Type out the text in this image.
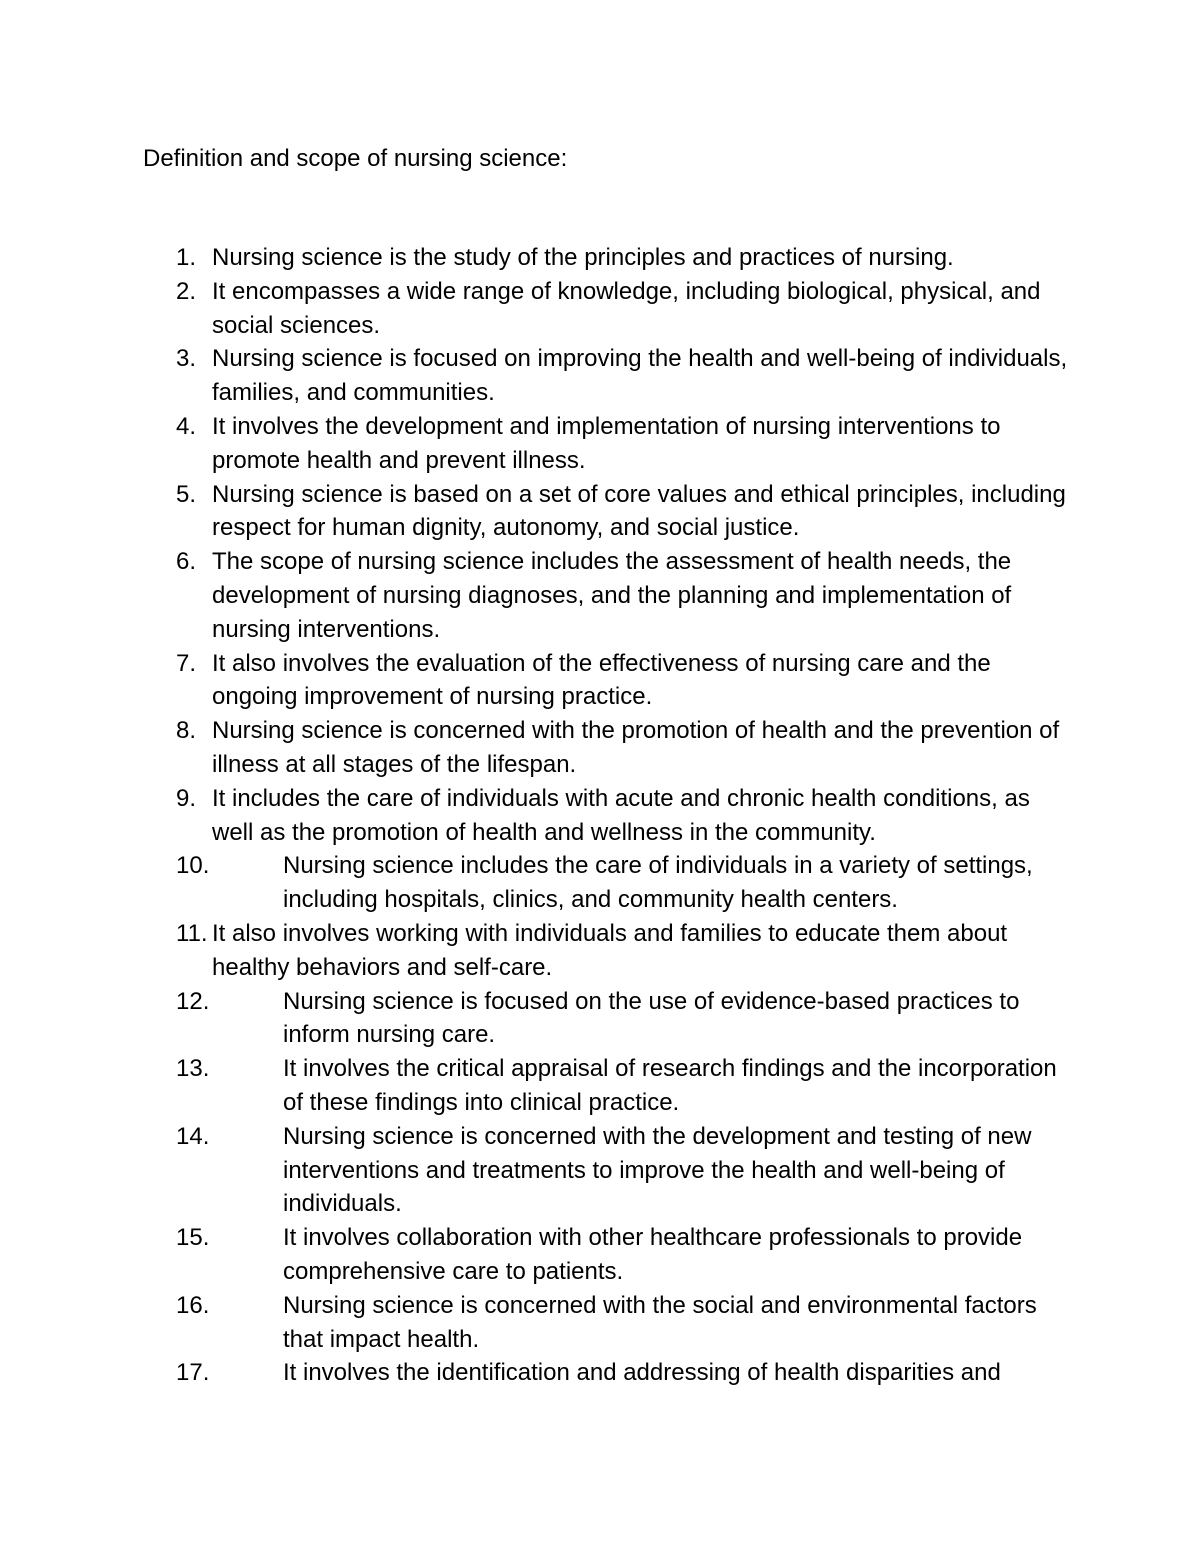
Definition and scope of nursing science:
1. Nursing science is the study of the principles and practices of nursing.
2. It encompasses a wide range of knowledge, including biological, physical, and social sciences.
3. Nursing science is focused on improving the health and well-being of individuals, families, and communities.
4. It involves the development and implementation of nursing interventions to promote health and prevent illness.
5. Nursing science is based on a set of core values and ethical principles, including respect for human dignity, autonomy, and social justice.
6. The scope of nursing science includes the assessment of health needs, the development of nursing diagnoses, and the planning and implementation of nursing interventions.
7. It also involves the evaluation of the effectiveness of nursing care and the ongoing improvement of nursing practice.
8. Nursing science is concerned with the promotion of health and the prevention of illness at all stages of the lifespan.
9. It includes the care of individuals with acute and chronic health conditions, as well as the promotion of health and wellness in the community.
10.	Nursing science includes the care of individuals in a variety of settings, including hospitals, clinics, and community health centers.
11. It also involves working with individuals and families to educate them about healthy behaviors and self-care.
12.	Nursing science is focused on the use of evidence-based practices to inform nursing care.
13.	It involves the critical appraisal of research findings and the incorporation of these findings into clinical practice.
14.	Nursing science is concerned with the development and testing of new interventions and treatments to improve the health and well-being of individuals.
15.	It involves collaboration with other healthcare professionals to provide comprehensive care to patients.
16.	Nursing science is concerned with the social and environmental factors that impact health.
17.	It involves the identification and addressing of health disparities and
